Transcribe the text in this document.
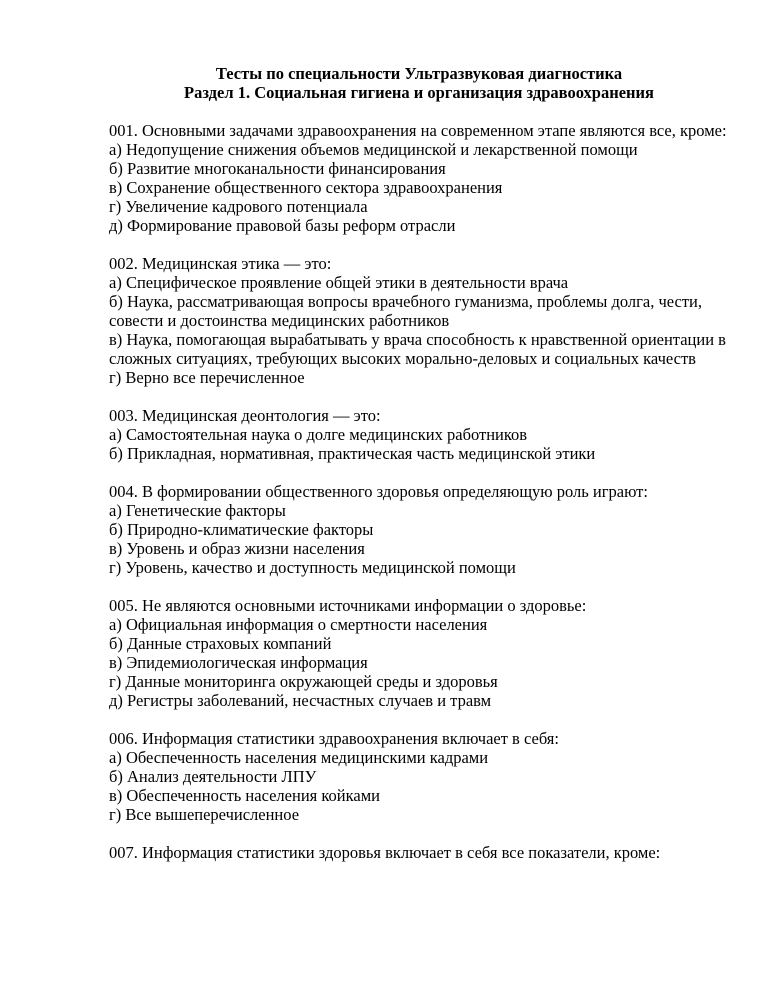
Тесты по специальности Ультразвуковая диагностика

Раздел 1. Социальная гигиена и организация здравоохранения

001. Основными задачами здравоохранения на современном этапе являются все, кроме:
а) Недопущение снижения объемов медицинской и лекарственной помощи
б) Развитие многоканальности финансирования
в) Сохранение общественного сектора здравоохранения
г) Увеличение кадрового потенциала
д) Формирование правовой базы реформ отрасли
002. Медицинская этика — это:
а) Специфическое проявление общей этики в деятельности врача
б) Наука, рассматривающая вопросы врачебного гуманизма, проблемы долга, чести, совести и достоинства медицинских работников
в) Наука, помогающая вырабатывать у врача способность к нравственной ориентации в сложных ситуациях, требующих высоких морально-деловых и социальных качеств
г) Верно все перечисленное
003. Медицинская деонтология — это:
а) Самостоятельная наука о долге медицинских работников
б) Прикладная, нормативная, практическая часть медицинской этики
004. В формировании общественного здоровья определяющую роль играют:
а) Генетические факторы
б) Природно-климатические факторы
в) Уровень и образ жизни населения
г) Уровень, качество и доступность медицинской помощи
005. Не являются основными источниками информации о здоровье:
а) Официальная информация о смертности населения
б) Данные страховых компаний
в) Эпидемиологическая информация
г) Данные мониторинга окружающей среды и здоровья
д) Регистры заболеваний, несчастных случаев и травм
006. Информация статистики здравоохранения включает в себя:
а) Обеспеченность населения медицинскими кадрами
б) Анализ деятельности ЛПУ
в) Обеспеченность населения койками
г) Все вышеперечисленное
007. Информация статистики здоровья включает в себя все показатели, кроме:
